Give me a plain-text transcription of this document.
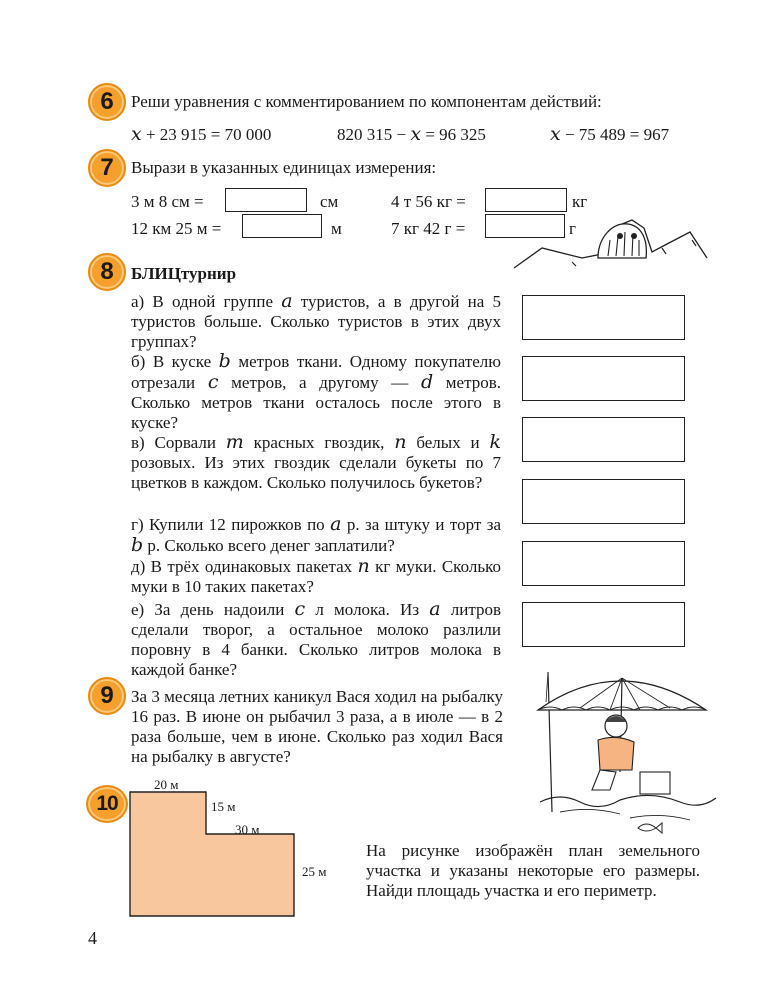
6	Реши уравнения с комментированием по компонентам действий:
x + 23 915 = 70 000	820 315 − x = 96 325	x − 75 489 = 967
7	Вырази в указанных единицах измерения:
3 м 8 см =	см	4 т 56 кг =	кг
12 км 25 м =	м	7 кг 42 г =	г
8	БЛИЦтурнир
а) В одной группе a туристов, а в другой на 5 туристов больше. Сколько туристов в этих двух группах?
б) В куске b метров ткани. Одному покупателю отрезали c метров, а другому — d метров. Сколько метров ткани осталось после этого в куске?
в) Сорвали m красных гвоздик, n белых и k розовых. Из этих гвоздик сделали букеты по 7 цветков в каждом. Сколько получилось букетов?
г) Купили 12 пирожков по a р. за штуку и торт за b р. Сколько всего денег заплатили?
д) В трёх одинаковых пакетах n кг муки. Сколько муки в 10 таких пакетах?
е) За день надоили c л молока. Из a литров сделали творог, а остальное молоко разлили поровну в 4 банки. Сколько литров молока в каждой банке?
9	За 3 месяца летних каникул Вася ходил на рыбалку 16 раз. В июне он рыбачил 3 раза, а в июле — в 2 раза больше, чем в июне. Сколько раз ходил Вася на рыбалку в августе?
10
20 м
15 м
30 м
25 м
На рисунке изображён план земельного участка и указаны некоторые его размеры. Найди площадь участка и его периметр.
4
